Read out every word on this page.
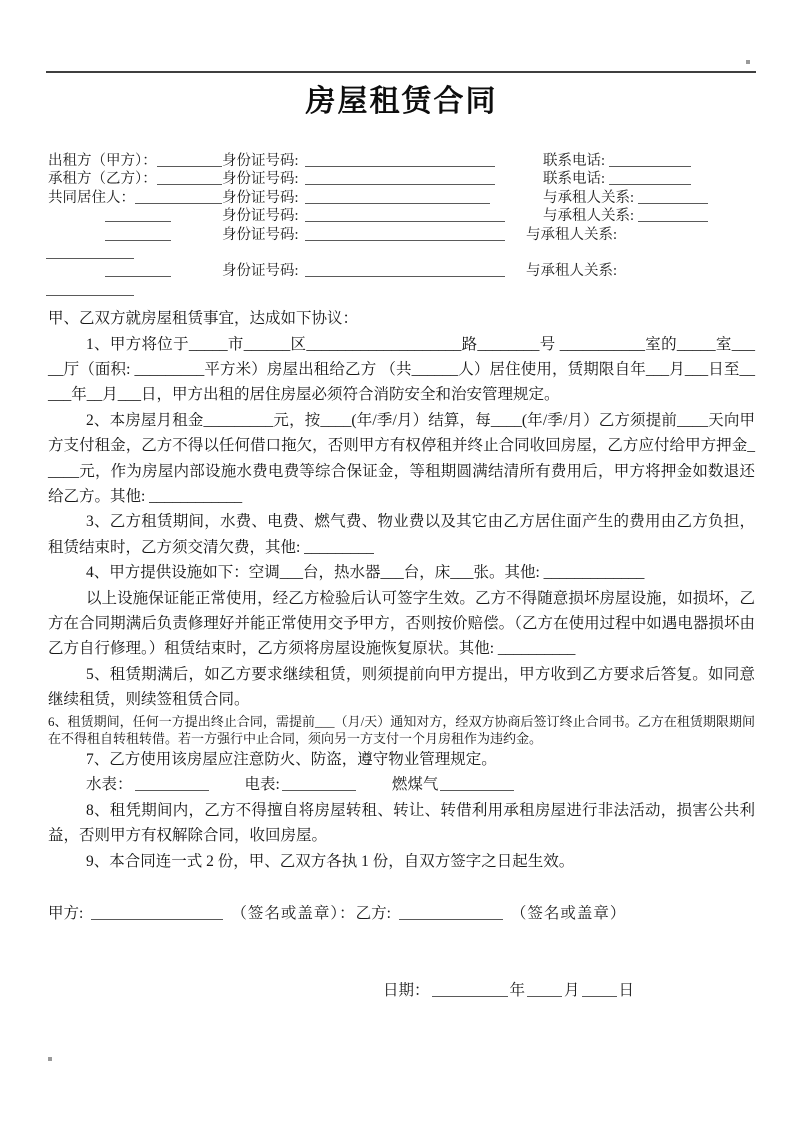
房屋租赁合同
出租方（甲方）：	身份证号码:	联系电话:
承租方（乙方）：	身份证号码:	联系电话:
共同居住人：	身份证号码:	与承租人关系:
身份证号码:	与承租人关系:
身份证号码:	与承租人关系:
身份证号码:	与承租人关系:

甲、乙双方就房屋租赁事宜，达成如下协议：

1、甲方将位于_____市______区____________________路________号 ___________室的_____室_____厅（面积: _________平方米）房屋出租给乙方 （共______人）居住使用，赁期限自年___月___日至_____年__月___日，甲方出租的居住房屋必须符合消防安全和治安管理规定。

2、本房屋月租金_________元，按____(年/季/月）结算，每____(年/季/月）乙方须提前____天向甲方支付租金，乙方不得以任何借口拖欠，否则甲方有权停租并终止合同收回房屋，乙方应付给甲方押金_____元，作为房屋内部设施水费电费等综合保证金，等租期圆满结清所有费用后，甲方将押金如数退还给乙方。其他: ____________

3、乙方租赁期间，水费、电费、燃气费、物业费以及其它由乙方居住面产生的费用由乙方负担，租赁结束时，乙方须交清欠费，其他: _________

4、甲方提供设施如下：空调___台，热水器___台，床___张。其他: _____________

以上设施保证能正常使用，经乙方检验后认可签字生效。乙方不得随意损坏房屋设施，如损坏，乙方在合同期满后负责修理好并能正常使用交予甲方，否则按价赔偿。（乙方在使用过程中如遇电器损坏由乙方自行修理。）租赁结束时，乙方须将房屋设施恢复原状。其他: __________

5、租赁期满后，如乙方要求继续租赁，则须提前向甲方提出，甲方收到乙方要求后答复。如同意继续租赁，则续签租赁合同。

6、租赁期间，任何一方提出终止合同，需提前___（月/天）通知对方，经双方协商后签订终止合同书。乙方在租赁期限期间在不得租自转租转借。若一方强行中止合同，须向另一方支付一个月房租作为违约金。

7、乙方使用该房屋应注意防火、防盗，遵守物业管理规定。

水表：	电表:	燃煤气

8、租凭期间内，乙方不得擅自将房屋转租、转让、转借利用承租房屋进行非法活动，损害公共利益，否则甲方有权解除合同，收回房屋。

9、本合同连一式 2 份，甲、乙双方各执 1 份，自双方签字之日起生效。

甲方:	（签名或盖章）：乙方:	（签名或盖章）
日期：	年	月	日
